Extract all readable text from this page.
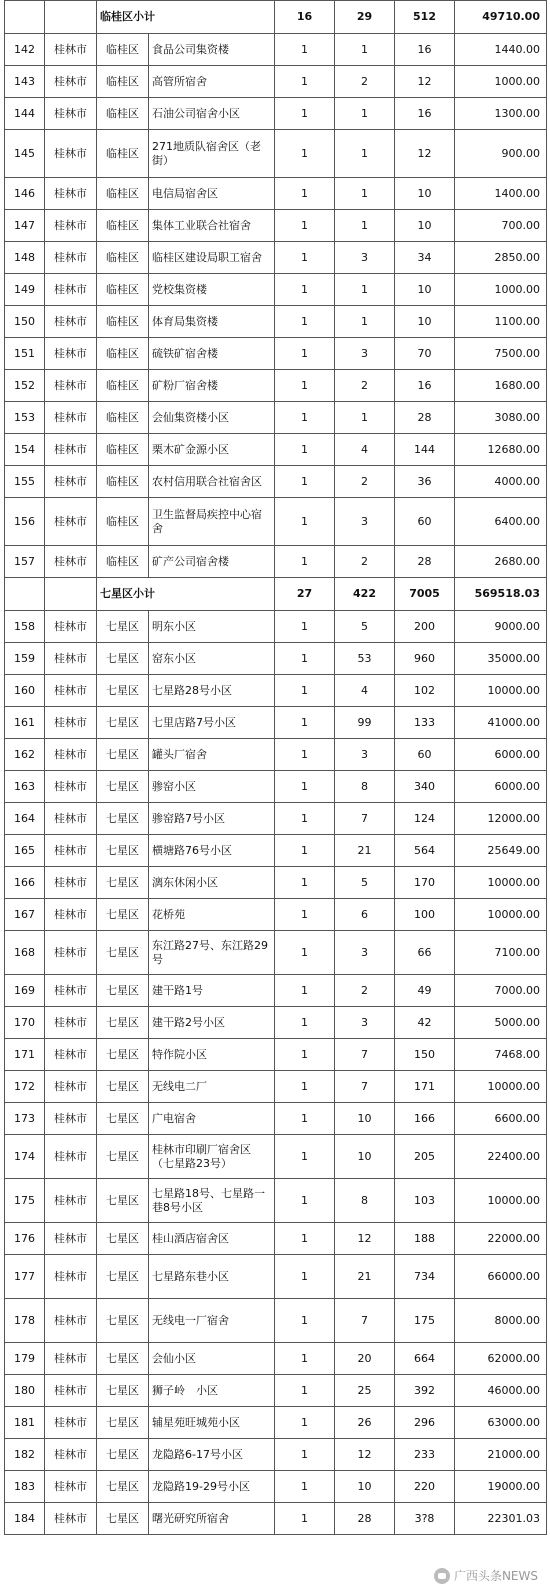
		临桂区小计		16	29	512	49710.00
142	桂林市	临桂区	食品公司集资楼	1	1	16	1440.00
143	桂林市	临桂区	高管所宿舍	1	2	12	1000.00
144	桂林市	临桂区	石油公司宿舍小区	1	1	16	1300.00
145	桂林市	临桂区	271地质队宿舍区（老街）	1	1	12	900.00
146	桂林市	临桂区	电信局宿舍区	1	1	10	1400.00
147	桂林市	临桂区	集体工业联合社宿舍	1	1	10	700.00
148	桂林市	临桂区	临桂区建设局职工宿舍	1	3	34	2850.00
149	桂林市	临桂区	党校集资楼	1	1	10	1000.00
150	桂林市	临桂区	体育局集资楼	1	1	10	1100.00
151	桂林市	临桂区	硫铁矿宿舍楼	1	3	70	7500.00
152	桂林市	临桂区	矿粉厂宿舍楼	1	2	16	1680.00
153	桂林市	临桂区	会仙集资楼小区	1	1	28	3080.00
154	桂林市	临桂区	栗木矿金源小区	1	4	144	12680.00
155	桂林市	临桂区	农村信用联合社宿舍区	1	2	36	4000.00
156	桂林市	临桂区	卫生监督局疾控中心宿舍	1	3	60	6400.00
157	桂林市	临桂区	矿产公司宿舍楼	1	2	28	2680.00
		七星区小计		27	422	7005	569518.03
158	桂林市	七星区	明东小区	1	5	200	9000.00
159	桂林市	七星区	窑东小区	1	53	960	35000.00
160	桂林市	七星区	七星路28号小区	1	4	102	10000.00
161	桂林市	七星区	七里店路7号小区	1	99	133	41000.00
162	桂林市	七星区	罐头厂宿舍	1	3	60	6000.00
163	桂林市	七星区	骖窑小区	1	8	340	6000.00
164	桂林市	七星区	骖窑路7号小区	1	7	124	12000.00
165	桂林市	七星区	横塘路76号小区	1	21	564	25649.00
166	桂林市	七星区	漓东休闲小区	1	5	170	10000.00
167	桂林市	七星区	花桥苑	1	6	100	10000.00
168	桂林市	七星区	东江路27号、东江路29号	1	3	66	7100.00
169	桂林市	七星区	建干路1号	1	2	49	7000.00
170	桂林市	七星区	建干路2号小区	1	3	42	5000.00
171	桂林市	七星区	特作院小区	1	7	150	7468.00
172	桂林市	七星区	无线电二厂	1	7	171	10000.00
173	桂林市	七星区	广电宿舍	1	10	166	6600.00
174	桂林市	七星区	桂林市印刷厂宿舍区（七星路23号）	1	10	205	22400.00
175	桂林市	七星区	七星路18号、七星路一巷8号小区	1	8	103	10000.00
176	桂林市	七星区	桂山酒店宿舍区	1	12	188	22000.00
177	桂林市	七星区	七星路东巷小区	1	21	734	66000.00
178	桂林市	七星区	无线电一厂宿舍	1	7	175	8000.00
179	桂林市	七星区	会仙小区	1	20	664	62000.00
180	桂林市	七星区	狮子岭　小区	1	25	392	46000.00
181	桂林市	七星区	辅星苑旺城苑小区	1	26	296	63000.00
182	桂林市	七星区	龙隐路6-17号小区	1	12	233	21000.00
183	桂林市	七星区	龙隐路19-29号小区	1	10	220	19000.00
184	桂林市	七星区	曙光研究所宿舍	1	28	3?8	22301.03
广西头条NEWS
